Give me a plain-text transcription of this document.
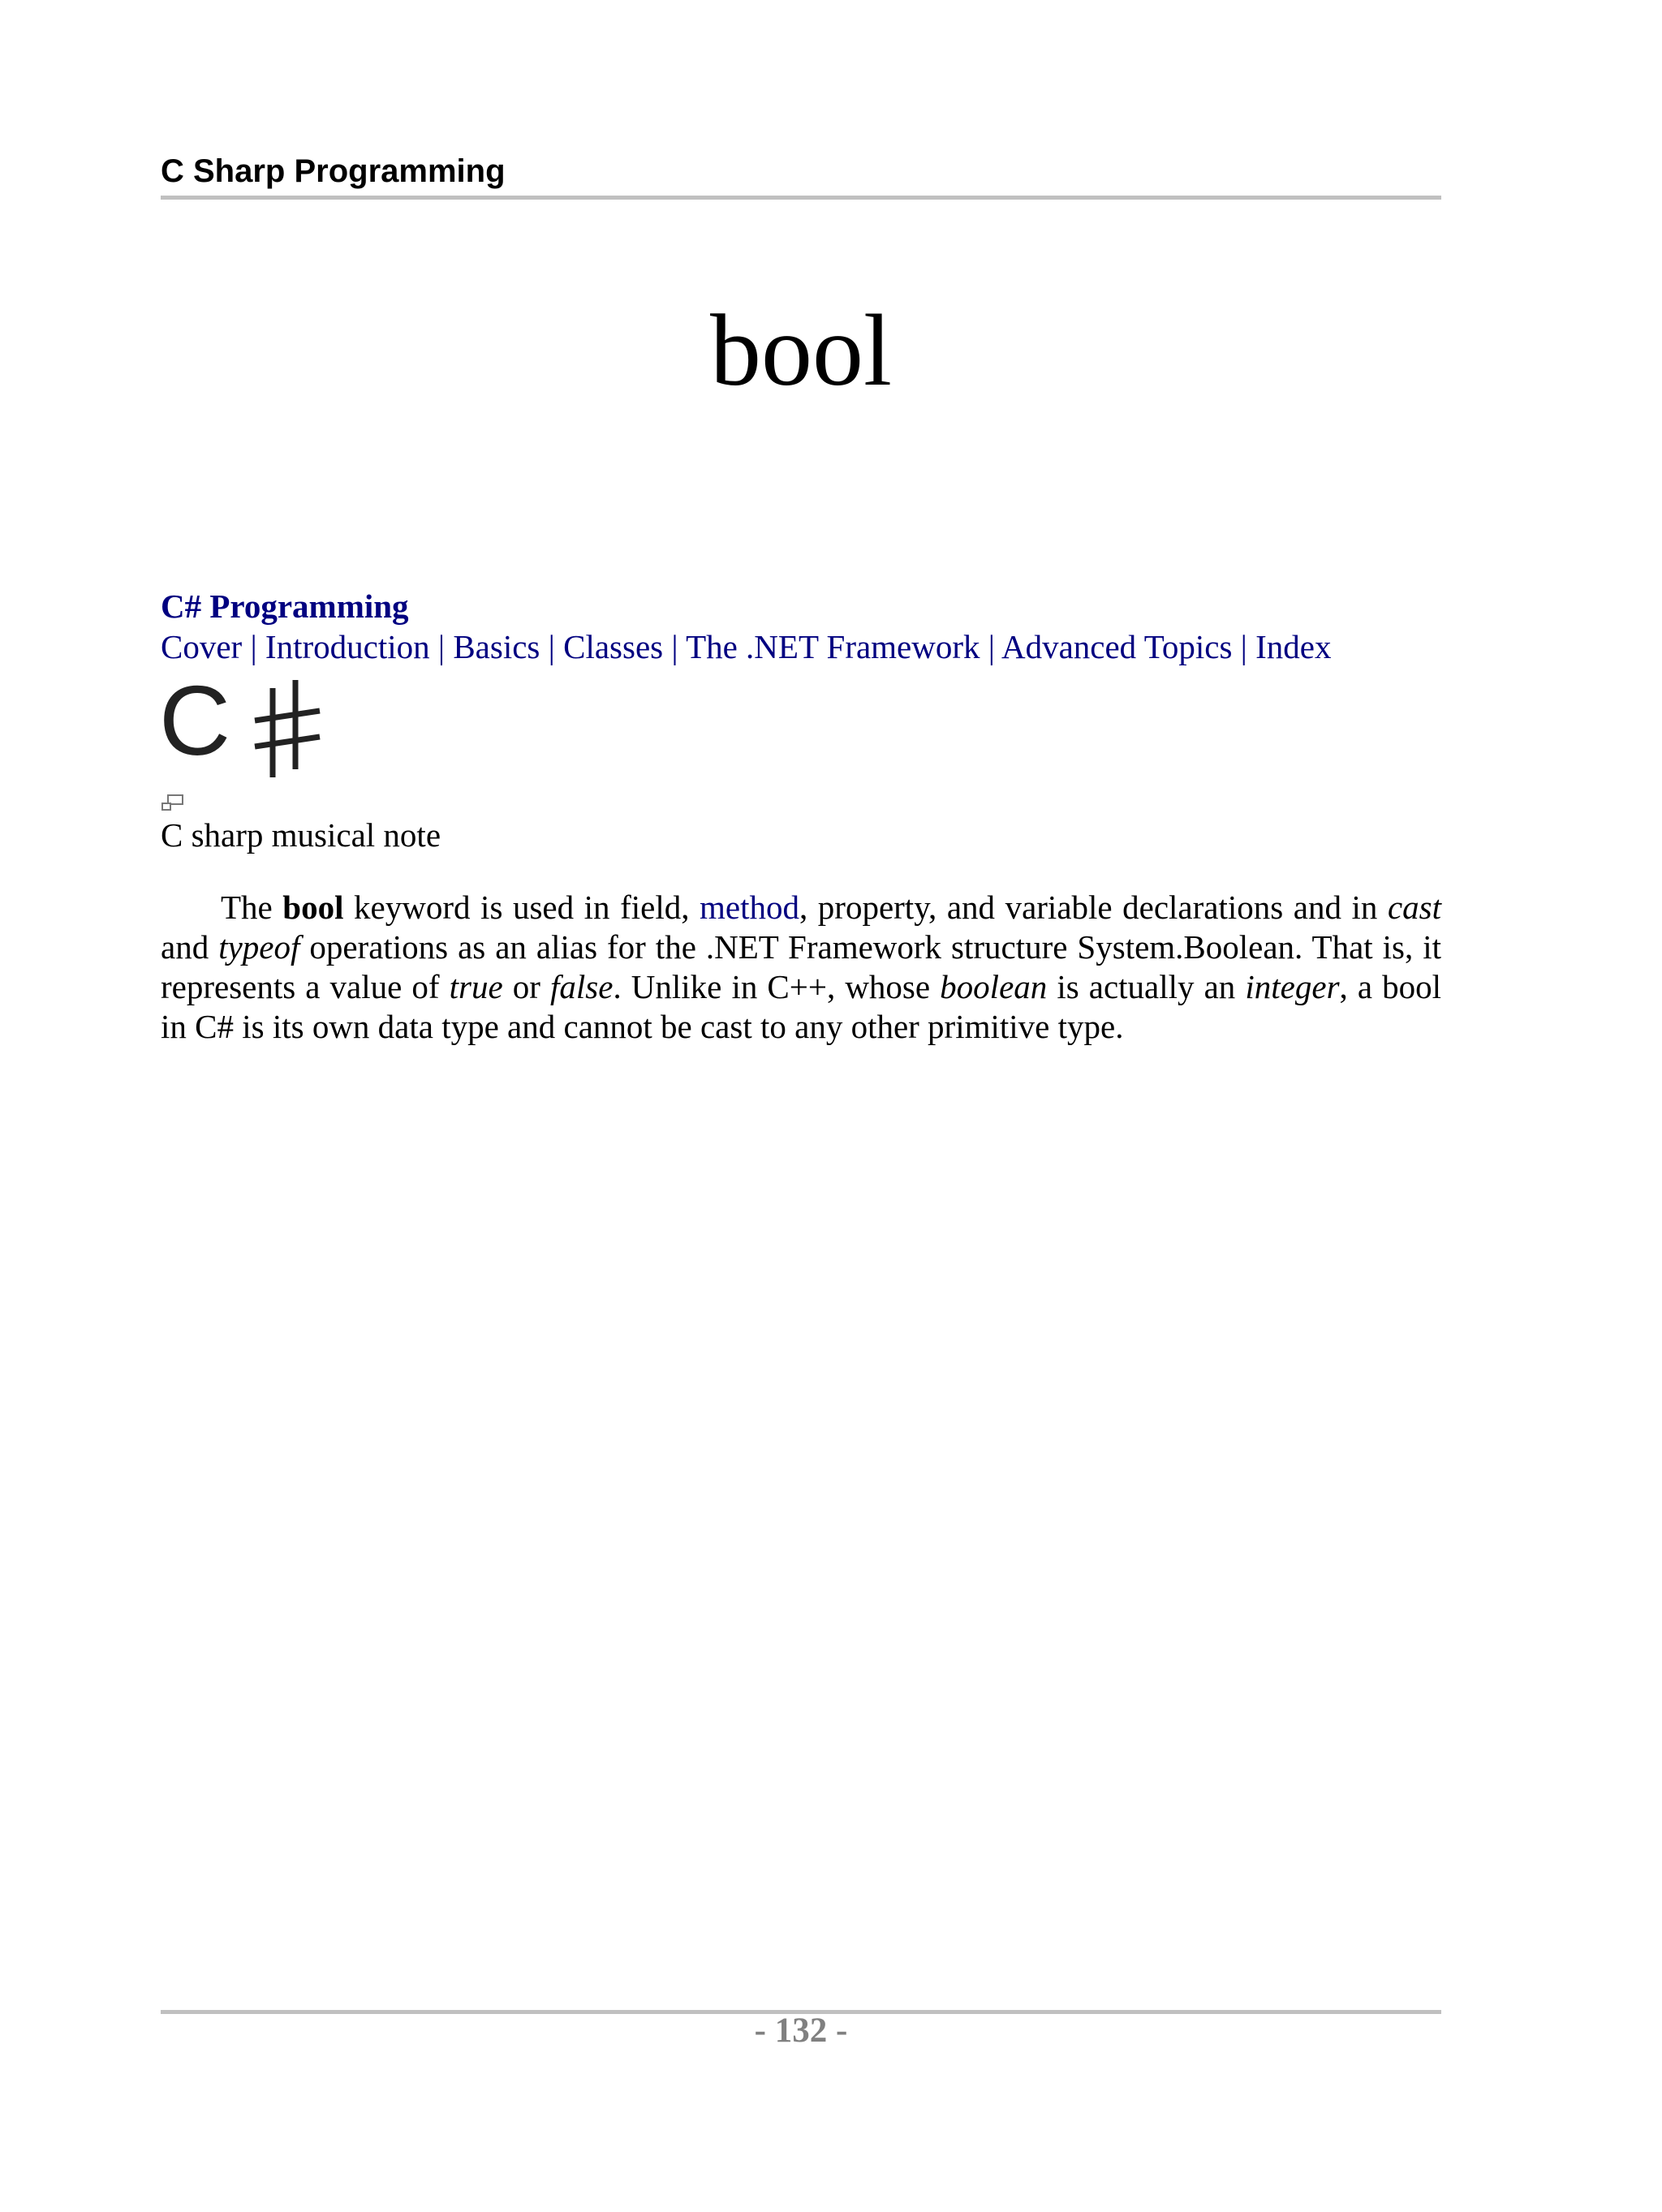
C Sharp Programming
bool
C# Programming
Cover | Introduction | Basics | Classes | The .NET Framework | Advanced Topics | Index
C
C sharp musical note

The bool keyword is used in field, method, property, and variable declarations and in cast and typeof operations as an alias for the .NET Framework structure System.Boolean. That is, it represents a value of true or false. Unlike in C++, whose boolean is actually an integer, a bool in C# is its own data type and cannot be cast to any other primitive type.

- 132 -
